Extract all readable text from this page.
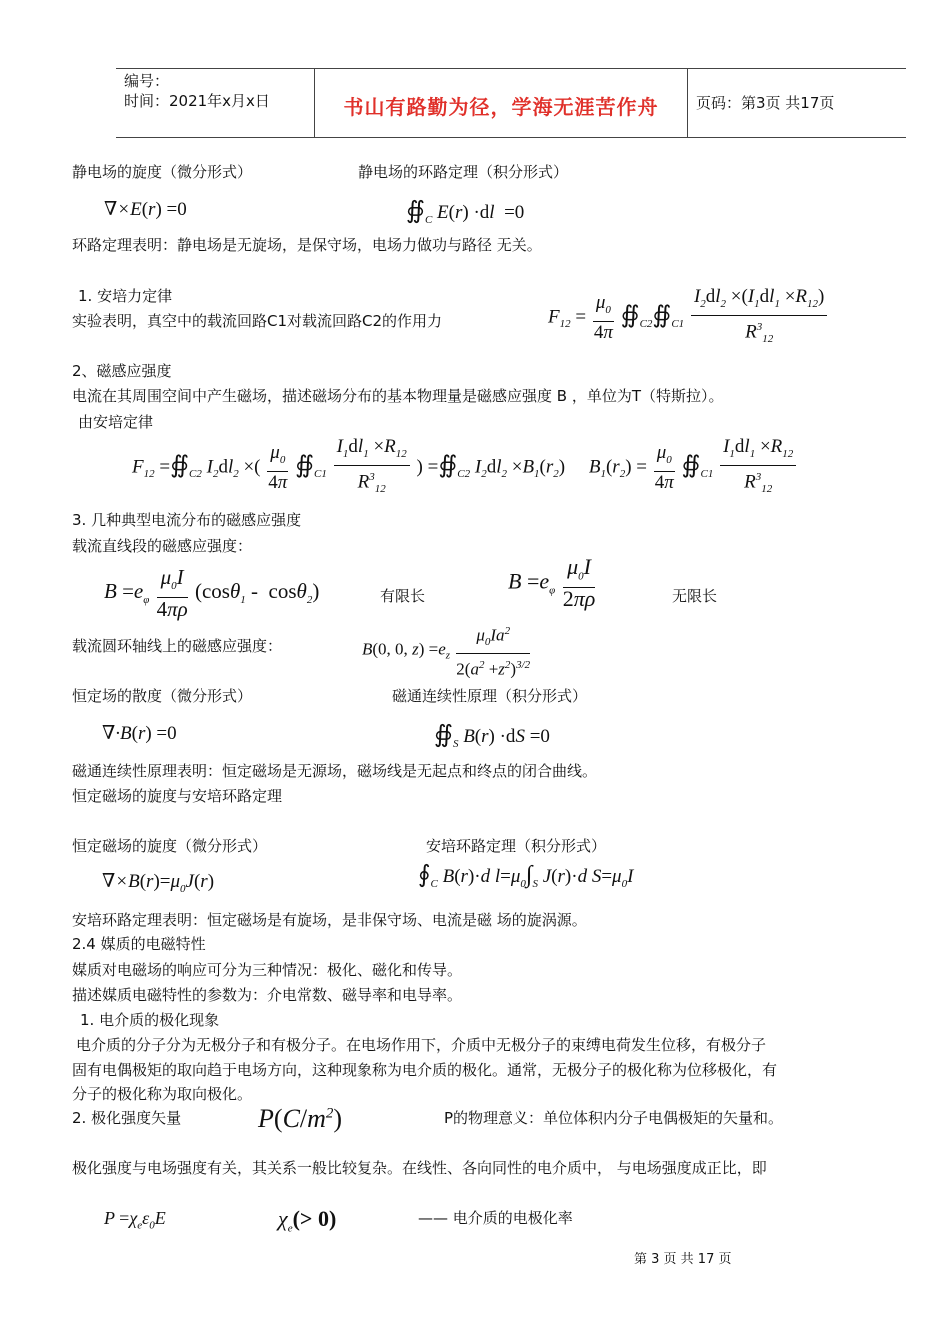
编号：
时间：2021年x月x日	书山有路勤为径，学海无涯苦作舟	页码：第3页 共17页
静电场的旋度（微分形式）	静电场的环路定理（积分形式）
∇×E(r) =0	$∯_C$ E(r) ·dl  =0
环路定理表明：静电场是无旋场，是保守场，电场力做功与路径 无关。
1. 安培力定律
实验表明，真空中的载流回路C1对载流回路C2的作用力	$F_{12} = \frac{\mu_0}{4\pi}$ $∯_{C2}∯_{C1} \frac{I_2dl_2 \times(I_1dl_1 \times R_{12})}{R^3_{12}}$
2、磁感应强度
电流在其周围空间中产生磁场，描述磁场分布的基本物理量是磁感应强度 B ，单位为T（特斯拉）。
由安培定律
$F_{12}$ $=∯_{C2}$ $I_2dl_2$ ×( $\frac{\mu_0}{4\pi}$ $∯_{C1} \frac{I_1dl_1 \times R_{12}}{R^3_{12}}$ ) $=∯_{C2}$ $I_2dl_2 \times B_1(r_2)$     $B_1(r_2) = \frac{\mu_0}{4\pi}$ $∯_{C1} \frac{I_1dl_1 \times R_{12}}{R^3_{12}}$
3. 几种典型电流分布的磁感应强度
载流直线段的磁感应强度：
$B =e_\varphi \frac{\mu_0I}{4\pi\rho} (\cos\theta_1 - \cos\theta_2)$	有限长
$B =e_\varphi \frac{\mu_0I}{2\pi\rho}$	无限长
载流圆环轴线上的磁感应强度：	B(0, 0, $z) =e_z \frac{\mu_0Ia^2}{2(a^2 +z^2)^{3/2}}$
恒定场的散度（微分形式）	磁通连续性原理（积分形式）
∇·B(r) =0	$∯_S$ B(r) ·dS =0
磁通连续性原理表明：恒定磁场是无源场，磁场线是无起点和终点的闭合曲线。
恒定磁场的旋度与安培环路定理
恒定磁场的旋度（微分形式）	安培环路定理（积分形式）
$\nabla\times B(r)=\mu_0J(r)$	$∮_C$ B(r)·d $l=\mu_0\int_S$ J(r)·d $S=\mu_0I$
安培环路定理表明：恒定磁场是有旋场，是非保守场、电流是磁 场的旋涡源。
2.4 媒质的电磁特性
媒质对电磁场的响应可分为三种情况：极化、磁化和传导。
描述媒质电磁特性的参数为：介电常数、磁导率和电导率。
1. 电介质的极化现象
电介质的分子分为无极分子和有极分子。在电场作用下，介质中无极分子的束缚电荷发生位移，有极分子
固有电偶极矩的取向趋于电场方向，这种现象称为电介质的极化。通常，无极分子的极化称为位移极化，有
分子的极化称为取向极化。
2. 极化强度矢量	$P(C/m^2)$	P的物理意义：单位体积内分子电偶极矩的矢量和。
极化强度与电场强度有关，其关系一般比较复杂。在线性、各向同性的电介质中， 与电场强度成正比，即
$P =\chi_e\varepsilon_0E$	$\chi_e(> 0)$	—— 电介质的电极化率
第 3 页 共 17 页
